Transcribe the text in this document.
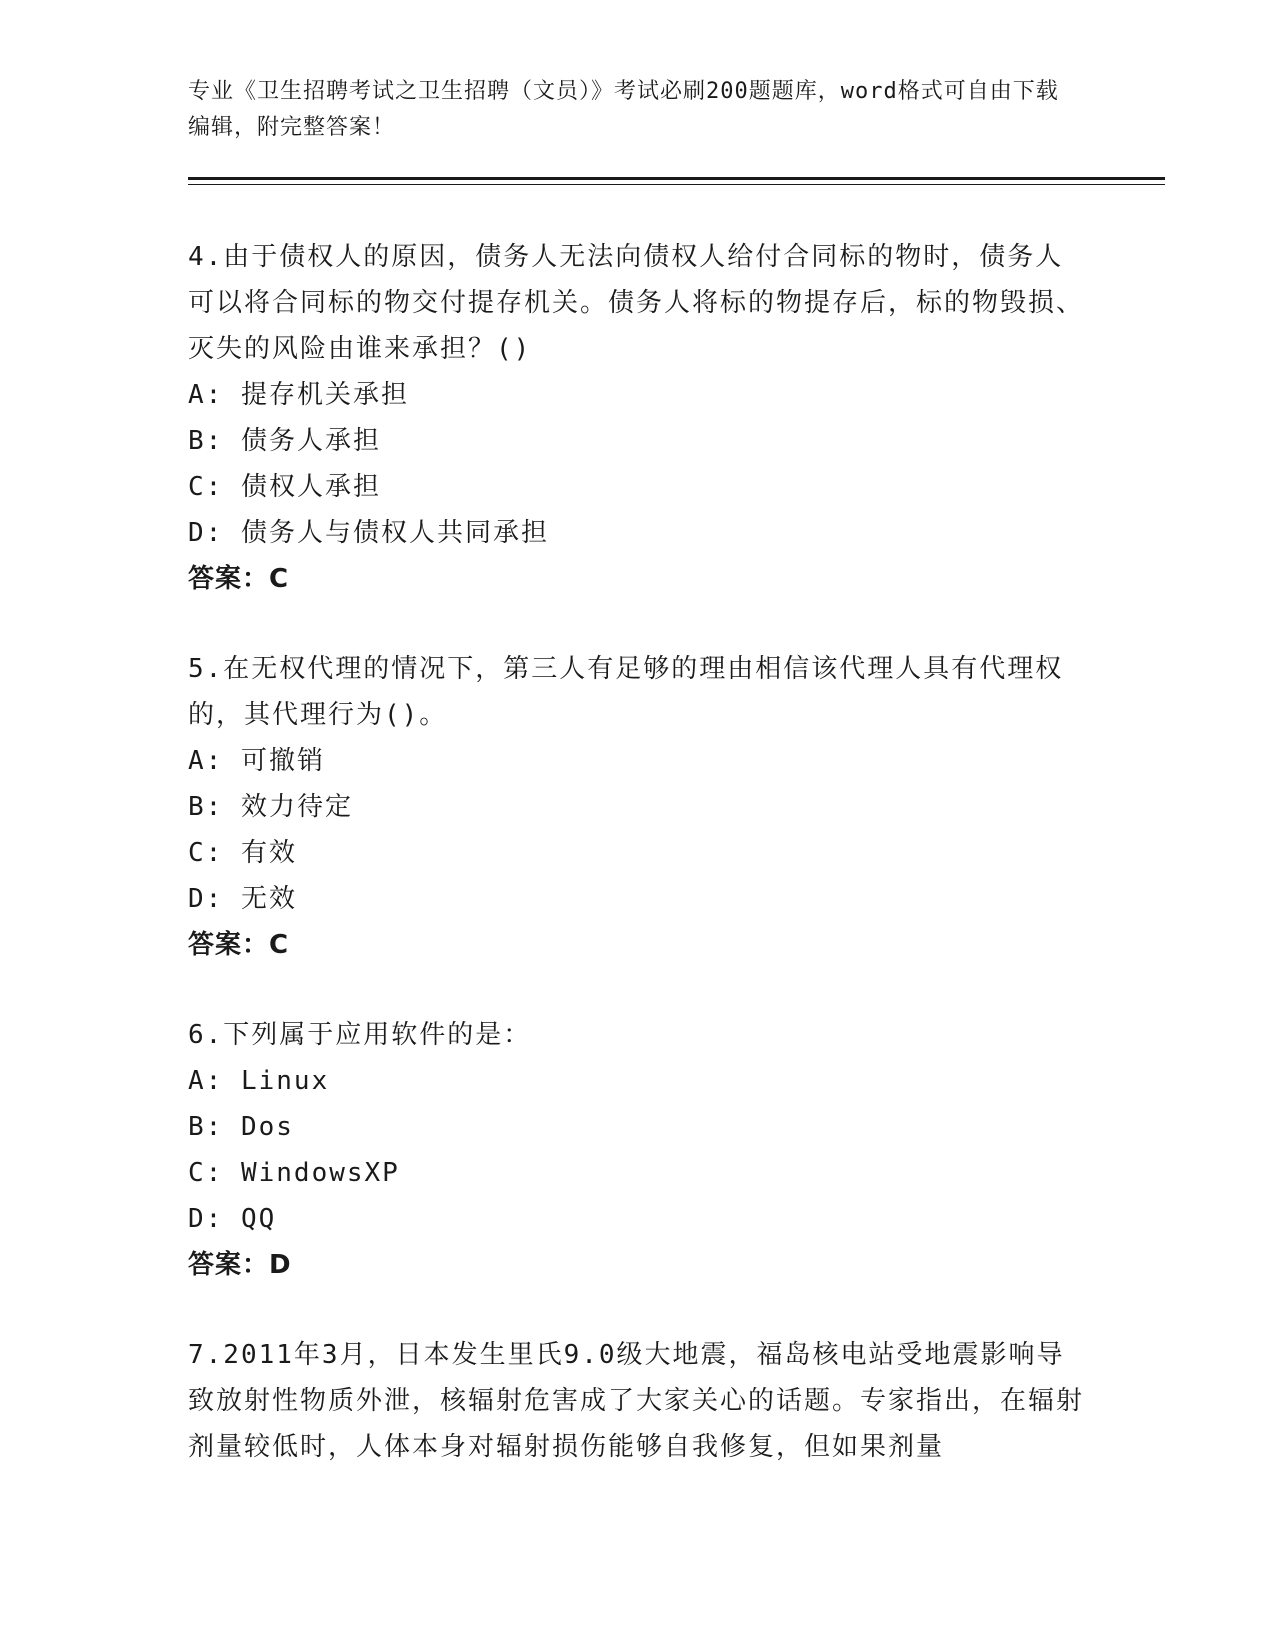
专业《卫生招聘考试之卫生招聘（文员）》考试必刷200题题库，word格式可自由下载编辑，附完整答案！
4.由于债权人的原因，债务人无法向债权人给付合同标的物时，债务人可以将合同标的物交付提存机关。债务人将标的物提存后，标的物毁损、灭失的风险由谁来承担？()
A: 提存机关承担
B: 债务人承担
C: 债权人承担
D: 债务人与债权人共同承担
答案：C
5.在无权代理的情况下，第三人有足够的理由相信该代理人具有代理权的，其代理行为()。
A: 可撤销
B: 效力待定
C: 有效
D: 无效
答案：C
6.下列属于应用软件的是：
A: Linux
B: Dos
C: WindowsXP
D: QQ
答案：D
7.2011年3月，日本发生里氏9.0级大地震，福岛核电站受地震影响导致放射性物质外泄，核辐射危害成了大家关心的话题。专家指出，在辐射剂量较低时，人体本身对辐射损伤能够自我修复，但如果剂量
